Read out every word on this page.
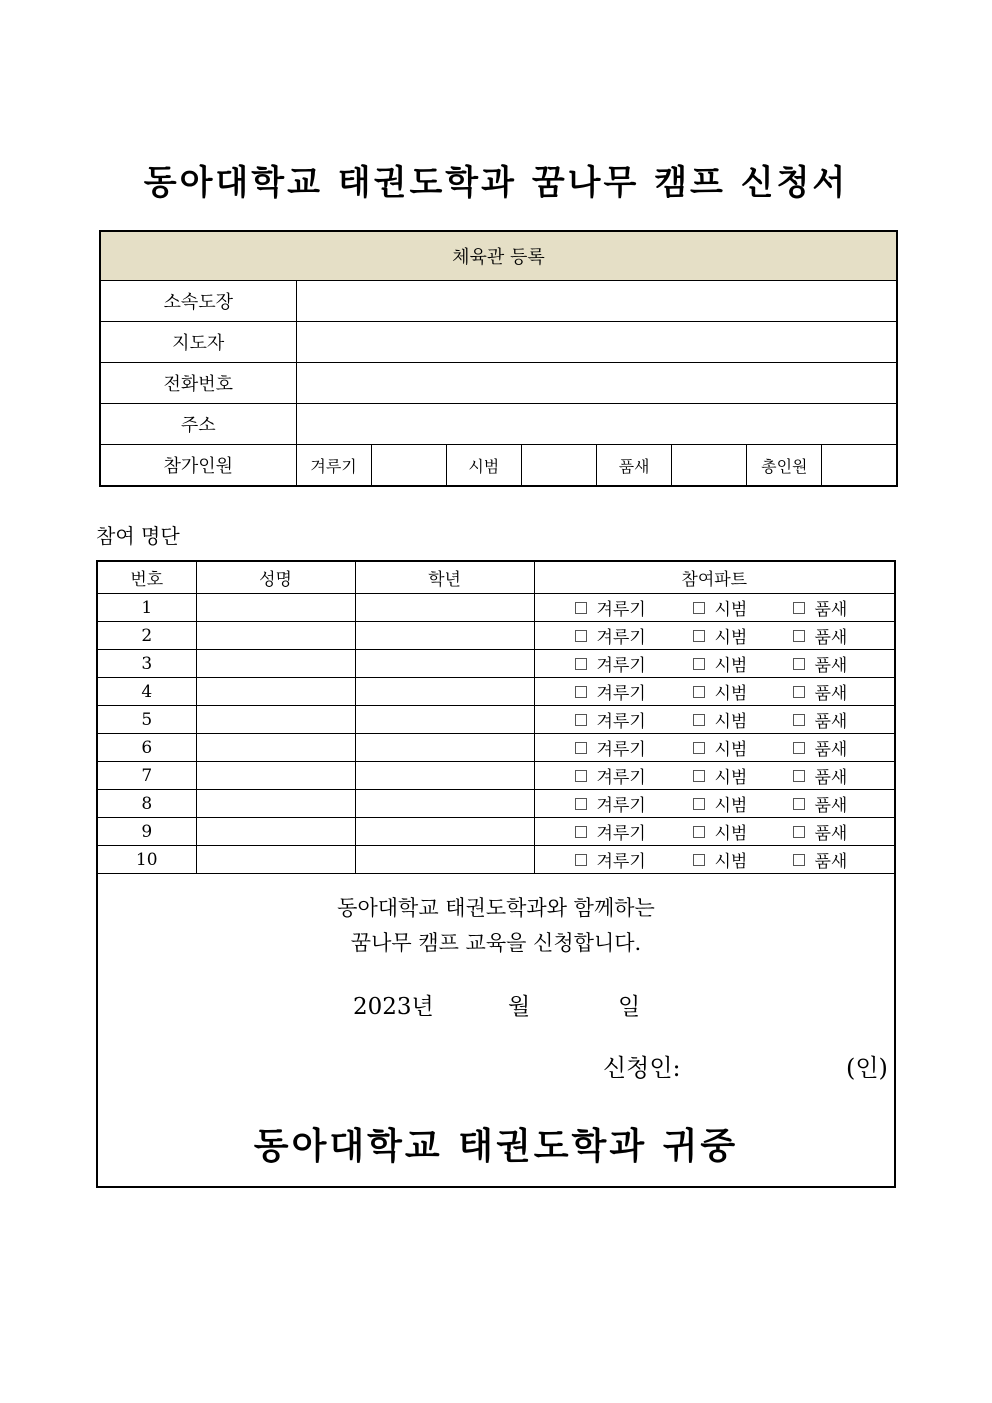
동아대학교 태권도학과 꿈나무 캠프 신청서
체육관 등록								
소속도장								
지도자								
전화번호								
주소								
참가인원	겨루기		시범		품새		총인원	
참여 명단
번호	성명	학년	참여파트
1			겨루기 시범 품새

2			겨루기 시범 품새

3			겨루기 시범 품새

4			겨루기 시범 품새

5			겨루기 시범 품새

6			겨루기 시범 품새

7			겨루기 시범 품새

8			겨루기 시범 품새

9			겨루기 시범 품새

10			겨루기 시범 품새
동아대학교 태권도학과와 함께하는
꿈나무 캠프 교육을 신청합니다.
2023년	월	일
신청인:	(인)
동아대학교 태권도학과 귀중
